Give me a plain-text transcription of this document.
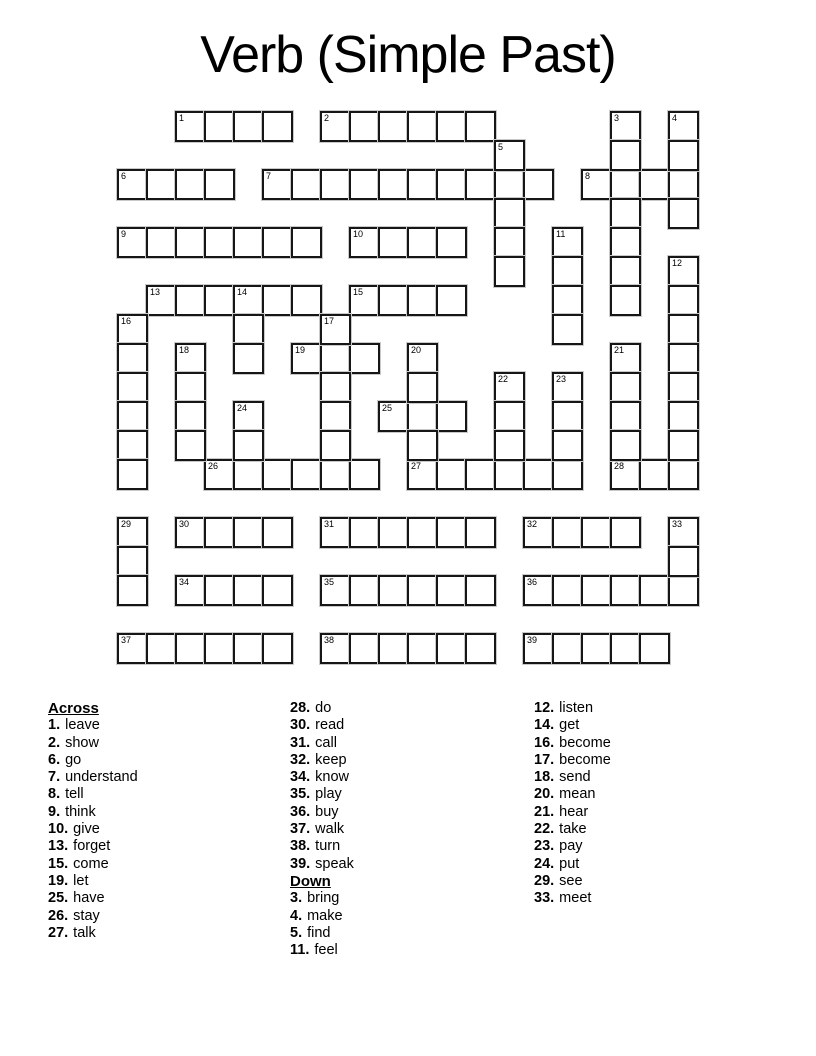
Verb (Simple Past)
1	2
6	7	8
9	10
13	14	15
19
25
26	27	28
30	31	32
34	35	36
37	38	39
3	4
5
11
12
16	17
18	20	21
22	23
24
29	33
Across
1. leave
2. show
6. go
7. understand
8. tell
9. think
10. give
13. forget
15. come
19. let
25. have
26. stay
27. talk
28. do
30. read
31. call
32. keep
34. know
35. play
36. buy
37. walk
38. turn
39. speak
Down
3. bring
4. make
5. find
11. feel
12. listen
14. get
16. become
17. become
18. send
20. mean
21. hear
22. take
23. pay
24. put
29. see
33. meet
